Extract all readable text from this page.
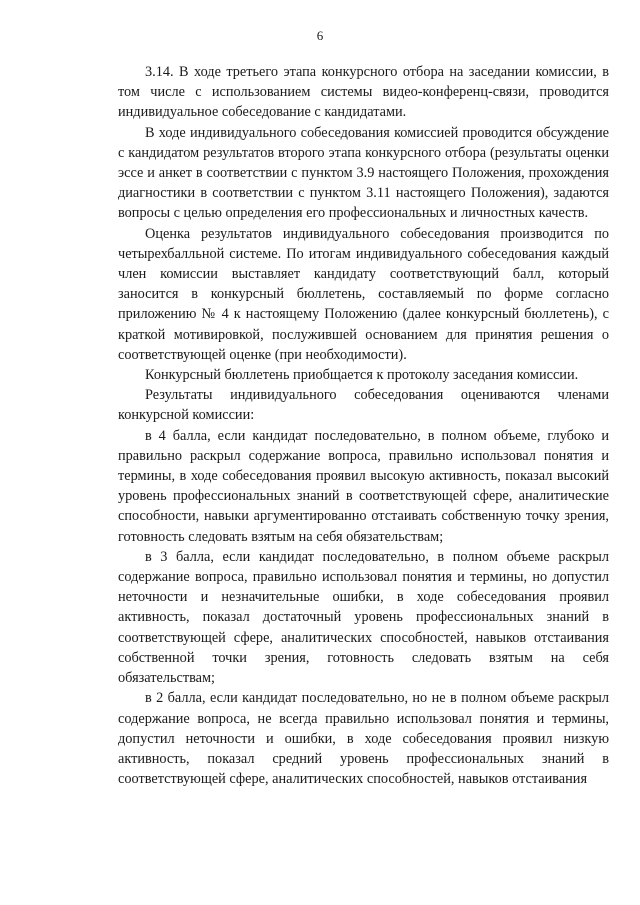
6

3.14. В ходе третьего этапа конкурсного отбора на заседании комиссии, в том числе с использованием системы видео-конференц-связи, проводится индивидуальное собеседование с кандидатами.

В ходе индивидуального собеседования комиссией проводится обсуждение с кандидатом результатов второго этапа конкурсного отбора (результаты оценки эссе и анкет в соответствии с пунктом 3.9 настоящего Положения, прохождения диагностики в соответствии с пунктом 3.11 настоящего Положения), задаются вопросы с целью определения его профессиональных и личностных качеств.

Оценка результатов индивидуального собеседования производится по четырехбалльной системе. По итогам индивидуального собеседования каждый член комиссии выставляет кандидату соответствующий балл, который заносится в конкурсный бюллетень, составляемый по форме согласно приложению № 4 к настоящему Положению (далее конкурсный бюллетень), с краткой мотивировкой, послужившей основанием для принятия решения о соответствующей оценке (при необходимости).

Конкурсный бюллетень приобщается к протоколу заседания комиссии.

Результаты индивидуального собеседования оцениваются членами конкурсной комиссии:

в 4 балла, если кандидат последовательно, в полном объеме, глубоко и правильно раскрыл содержание вопроса, правильно использовал понятия и термины, в ходе собеседования проявил высокую активность, показал высокий уровень профессиональных знаний в соответствующей сфере, аналитические способности, навыки аргументированно отстаивать собственную точку зрения, готовность следовать взятым на себя обязательствам;

в 3 балла, если кандидат последовательно, в полном объеме раскрыл содержание вопроса, правильно использовал понятия и термины, но допустил неточности и незначительные ошибки, в ходе собеседования проявил активность, показал достаточный уровень профессиональных знаний в соответствующей сфере, аналитических способностей, навыков отстаивания собственной точки зрения, готовность следовать взятым на себя обязательствам;

в 2 балла, если кандидат последовательно, но не в полном объеме раскрыл содержание вопроса, не всегда правильно использовал понятия и термины, допустил неточности и ошибки, в ходе собеседования проявил низкую активность, показал средний уровень профессиональных знаний в соответствующей сфере, аналитических способностей, навыков отстаивания
